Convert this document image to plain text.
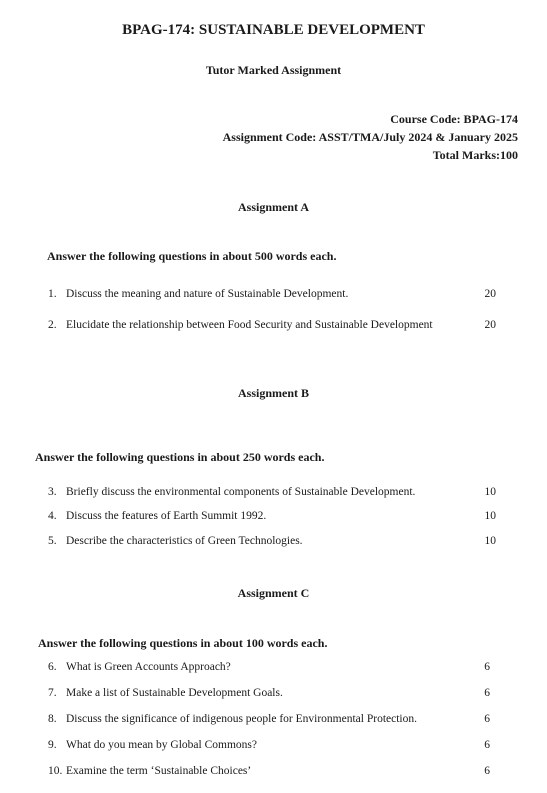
BPAG-174: SUSTAINABLE DEVELOPMENT
Tutor Marked Assignment
Course Code: BPAG-174
Assignment Code: ASST/TMA/July 2024 & January 2025
Total Marks:100
Assignment A
Answer the following questions in about 500 words each.
1. Discuss the meaning and nature of Sustainable Development.	20
2. Elucidate the relationship between Food Security and Sustainable Development	20
Assignment B
Answer the following questions in about 250 words each.
3. Briefly discuss the environmental components of Sustainable Development.	10
4. Discuss the features of Earth Summit 1992.	10
5. Describe the characteristics of Green Technologies.	10
Assignment C
Answer the following questions in about 100 words each.
6. What is Green Accounts Approach?	6
7. Make a list of Sustainable Development Goals.	6
8. Discuss the significance of indigenous people for Environmental Protection.	6
9. What do you mean by Global Commons?	6
10. Examine the term ‘Sustainable Choices’	6
